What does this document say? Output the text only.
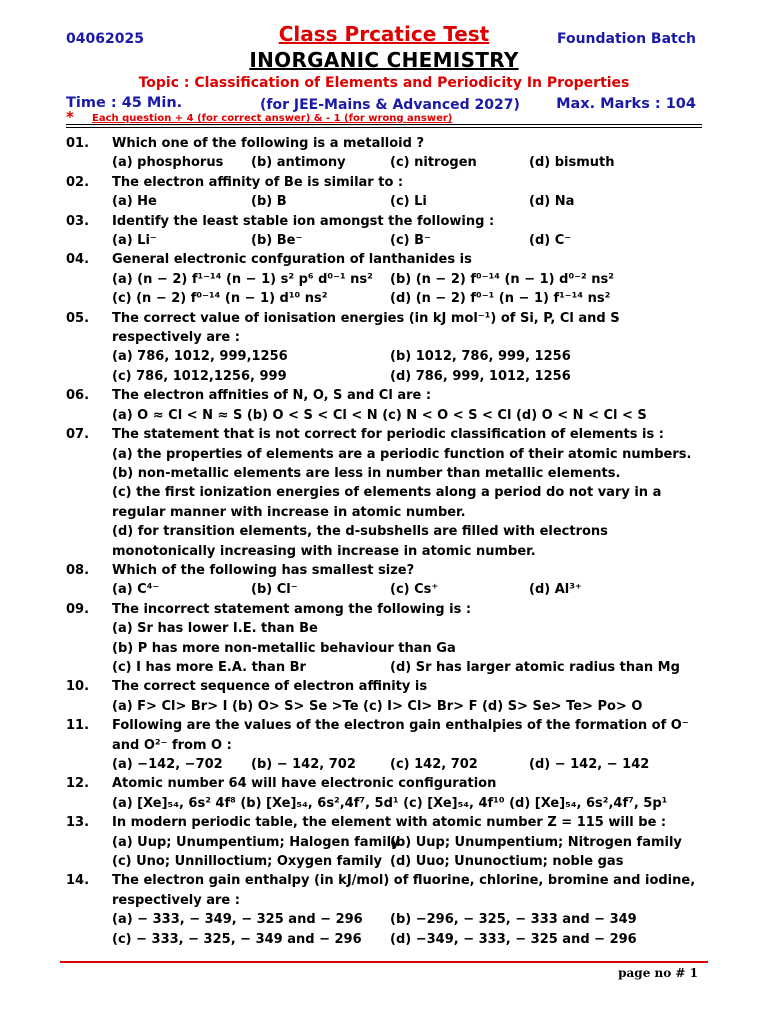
04062025	Class Prcatice Test	Foundation Batch
INORGANIC CHEMISTRY
Topic : Classification of Elements and Periodicity In Properties
Time : 45 Min.	(for JEE-Mains & Advanced 2027) Max. Marks : 104
* Each question + 4 (for correct answer) & - 1 (for wrong answer)
01.	Which one of the following is a metalloid ?
(a) phosphorus	(b) antimony	(c) nitrogen	(d) bismuth
02.	The electron affinity of Be is similar to :
(a) He	(b) B	(c) Li	(d) Na
03.	Identify the least stable ion amongst the following :
(a) Li⁻	(b) Be⁻	(c) B⁻	(d) C⁻
04.	General electronic confguration of lanthanides is
(a) (n − 2) f¹⁻¹⁴ (n − 1) s² p⁶ d⁰⁻¹ ns²	(b) (n − 2) f⁰⁻¹⁴ (n − 1) d⁰⁻² ns²
(c) (n − 2) f⁰⁻¹⁴ (n − 1) d¹⁰ ns²	(d) (n − 2) f⁰⁻¹ (n − 1) f¹⁻¹⁴ ns²
05.	The correct value of ionisation energies (in kJ mol⁻¹) of Si, P, Cl and S respectively are :
(a) 786, 1012, 999,1256	(b) 1012, 786, 999, 1256
(c) 786, 1012,1256, 999	(d) 786, 999, 1012, 1256
06.	The electron affnities of N, O, S and Cl are :
(a) O ≈ Cl < N ≈ S (b) O < S < Cl < N (c) N < O < S < Cl (d) O < N < Cl < S
07.	The statement that is not correct for periodic classification of elements is :
(a) the properties of elements are a periodic function of their atomic numbers.
(b) non-metallic elements are less in number than metallic elements.
(c) the first ionization energies of elements along a period do not vary in a regular manner with increase in atomic number.
(d) for transition elements, the d-subshells are filled with electrons monotonically increasing with increase in atomic number.
08.	Which of the following has smallest size?
(a) C⁴⁻	(b) Cl⁻	(c) Cs⁺	(d) Al³⁺
09.	The incorrect statement among the following is :
(a) Sr has lower I.E. than Be
(b) P has more non-metallic behaviour than Ga
(c) I has more E.A. than Br	(d) Sr has larger atomic radius than Mg
10.	The correct sequence of electron affinity is
(a) F> Cl> Br> I (b) O> S> Se >Te (c) I> Cl> Br> F (d) S> Se> Te> Po> O
11.	Following are the values of the electron gain enthalpies of the formation of O⁻ and O²⁻ from O :
(a) −142, −702	(b) − 142, 702	(c) 142, 702	(d) − 142, − 142
12.	Atomic number 64 will have electronic configuration
(a) [Xe]₅₄, 6s² 4f⁸ (b) [Xe]₅₄, 6s²,4f⁷, 5d¹ (c) [Xe]₅₄, 4f¹⁰ (d) [Xe]₅₄, 6s²,4f⁷, 5p¹
13.	In modern periodic table, the element with atomic number Z = 115 will be :
(a) Uup; Unumpentium; Halogen family
(b) Uup; Unumpentium; Nitrogen family
(c) Uno; Unnilloctium; Oxygen family (d) Uuo; Ununoctium; noble gas
14.	The electron gain enthalpy (in kJ/mol) of fluorine, chlorine, bromine and iodine, respectively are :
(a) − 333, − 349, − 325 and − 296	(b) −296, − 325, − 333 and − 349
(c) − 333, − 325, − 349 and − 296	(d) −349, − 333, − 325 and − 296
page no # 1
